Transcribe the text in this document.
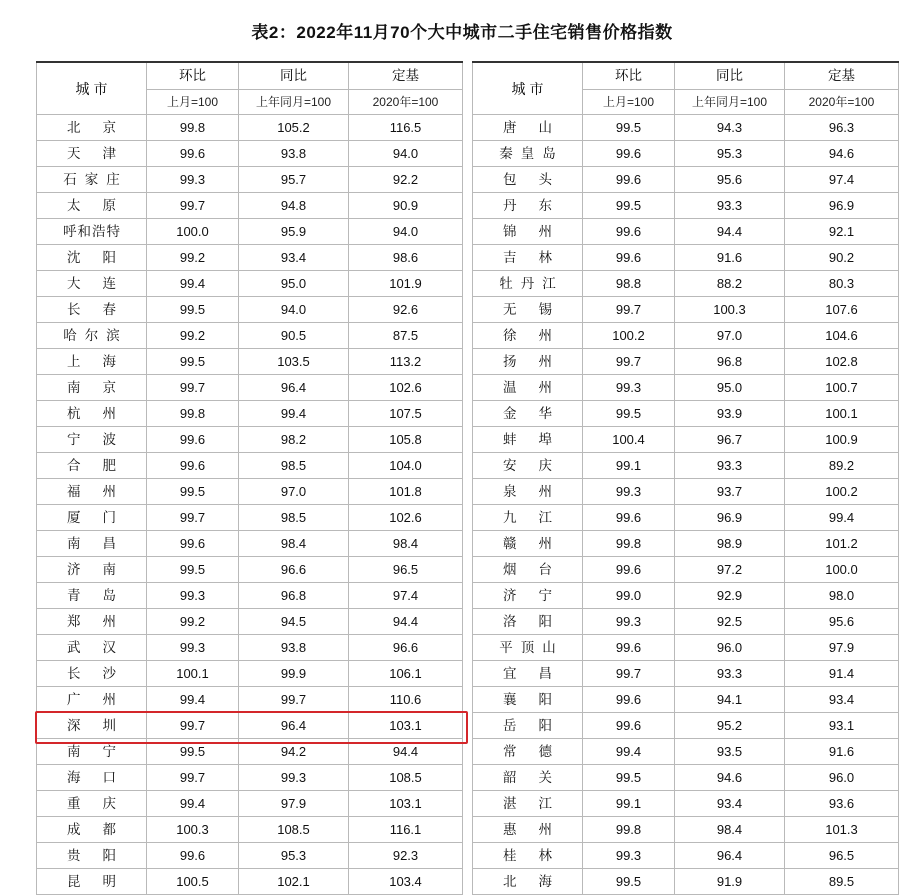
表2：2022年11月70个大中城市二手住宅销售价格指数
城市	环比	同比	定基		城市	环比	同比	定基
	上月=100	上年同月=100	2020年=100			上月=100	上年同月=100	2020年=100
北京	99.8	105.2	116.5		唐山	99.5	94.3	96.3
天津	99.6	93.8	94.0		秦皇岛	99.6	95.3	94.6
石家庄	99.3	95.7	92.2		包头	99.6	95.6	97.4
太原	99.7	94.8	90.9		丹东	99.5	93.3	96.9
呼和浩特	100.0	95.9	94.0		锦州	99.6	94.4	92.1
沈阳	99.2	93.4	98.6		吉林	99.6	91.6	90.2
大连	99.4	95.0	101.9		牡丹江	98.8	88.2	80.3
长春	99.5	94.0	92.6		无锡	99.7	100.3	107.6
哈尔滨	99.2	90.5	87.5		徐州	100.2	97.0	104.6
上海	99.5	103.5	113.2		扬州	99.7	96.8	102.8
南京	99.7	96.4	102.6		温州	99.3	95.0	100.7
杭州	99.8	99.4	107.5		金华	99.5	93.9	100.1
宁波	99.6	98.2	105.8		蚌埠	100.4	96.7	100.9
合肥	99.6	98.5	104.0		安庆	99.1	93.3	89.2
福州	99.5	97.0	101.8		泉州	99.3	93.7	100.2
厦门	99.7	98.5	102.6		九江	99.6	96.9	99.4
南昌	99.6	98.4	98.4		赣州	99.8	98.9	101.2
济南	99.5	96.6	96.5		烟台	99.6	97.2	100.0
青岛	99.3	96.8	97.4		济宁	99.0	92.9	98.0
郑州	99.2	94.5	94.4		洛阳	99.3	92.5	95.6
武汉	99.3	93.8	96.6		平顶山	99.6	96.0	97.9
长沙	100.1	99.9	106.1		宜昌	99.7	93.3	91.4
广州	99.4	99.7	110.6		襄阳	99.6	94.1	93.4
深圳	99.7	96.4	103.1		岳阳	99.6	95.2	93.1
南宁	99.5	94.2	94.4		常德	99.4	93.5	91.6
海口	99.7	99.3	108.5		韶关	99.5	94.6	96.0
重庆	99.4	97.9	103.1		湛江	99.1	93.4	93.6
成都	100.3	108.5	116.1		惠州	99.8	98.4	101.3
贵阳	99.6	95.3	92.3		桂林	99.3	96.4	96.5
昆明	100.5	102.1	103.4		北海	99.5	91.9	89.5
